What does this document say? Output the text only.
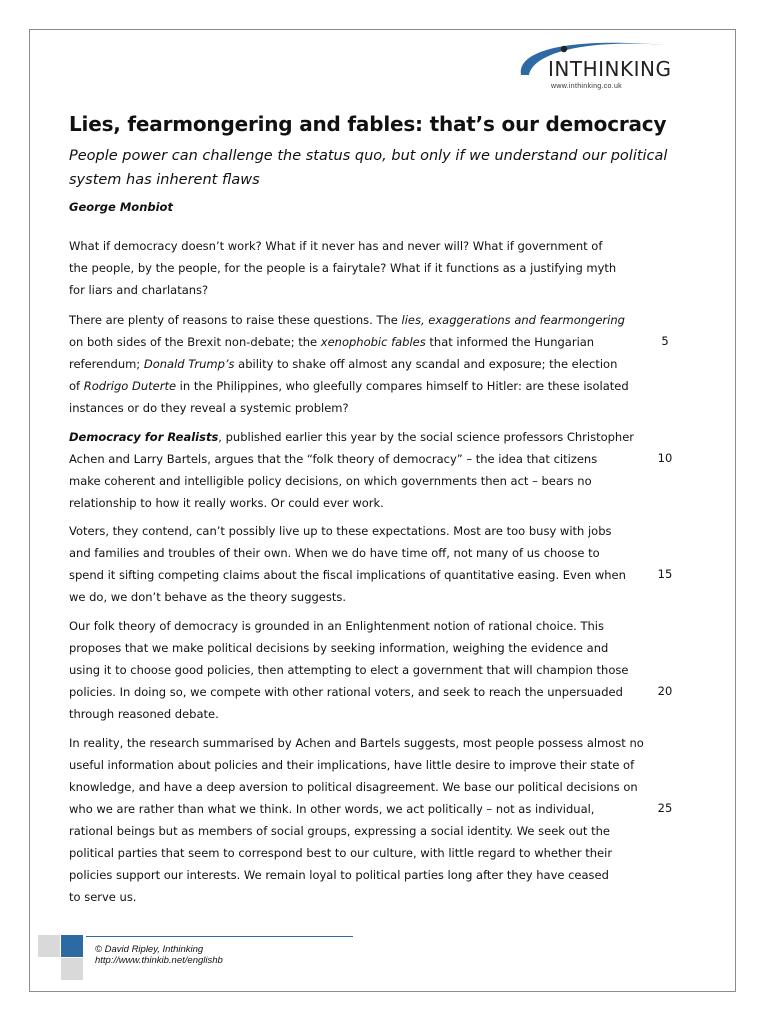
INTHINKING
www.inthinking.co.uk
Lies, fearmongering and fables: that’s our democracy
People power can challenge the status quo, but only if we understand our political
system has inherent flaws
George Monbiot
What if democracy doesn’t work? What if it never has and never will? What if government of
the people, by the people, for the people is a fairytale? What if it functions as a justifying myth
for liars and charlatans?
There are plenty of reasons to raise these questions. The lies, exaggerations and fearmongering
on both sides of the Brexit non-debate; the xenophobic fables that informed the Hungarian
referendum; Donald Trump’s ability to shake off almost any scandal and exposure; the election
of Rodrigo Duterte in the Philippines, who gleefully compares himself to Hitler: are these isolated
instances or do they reveal a systemic problem?
Democracy for Realists, published earlier this year by the social science professors Christopher
Achen and Larry Bartels, argues that the “folk theory of democracy” – the idea that citizens
make coherent and intelligible policy decisions, on which governments then act – bears no
relationship to how it really works. Or could ever work.
Voters, they contend, can’t possibly live up to these expectations. Most are too busy with jobs
and families and troubles of their own. When we do have time off, not many of us choose to
spend it sifting competing claims about the fiscal implications of quantitative easing. Even when
we do, we don’t behave as the theory suggests.
Our folk theory of democracy is grounded in an Enlightenment notion of rational choice. This
proposes that we make political decisions by seeking information, weighing the evidence and
using it to choose good policies, then attempting to elect a government that will champion those
policies. In doing so, we compete with other rational voters, and seek to reach the unpersuaded
through reasoned debate.
In reality, the research summarised by Achen and Bartels suggests, most people possess almost no
useful information about policies and their implications, have little desire to improve their state of
knowledge, and have a deep aversion to political disagreement. We base our political decisions on
who we are rather than what we think. In other words, we act politically – not as individual,
rational beings but as members of social groups, expressing a social identity. We seek out the
political parties that seem to correspond best to our culture, with little regard to whether their
policies support our interests. We remain loyal to political parties long after they have ceased
to serve us.
5
10
15
20
25
© David Ripley, Inthinking
http://www.thinkib.net/englishb
